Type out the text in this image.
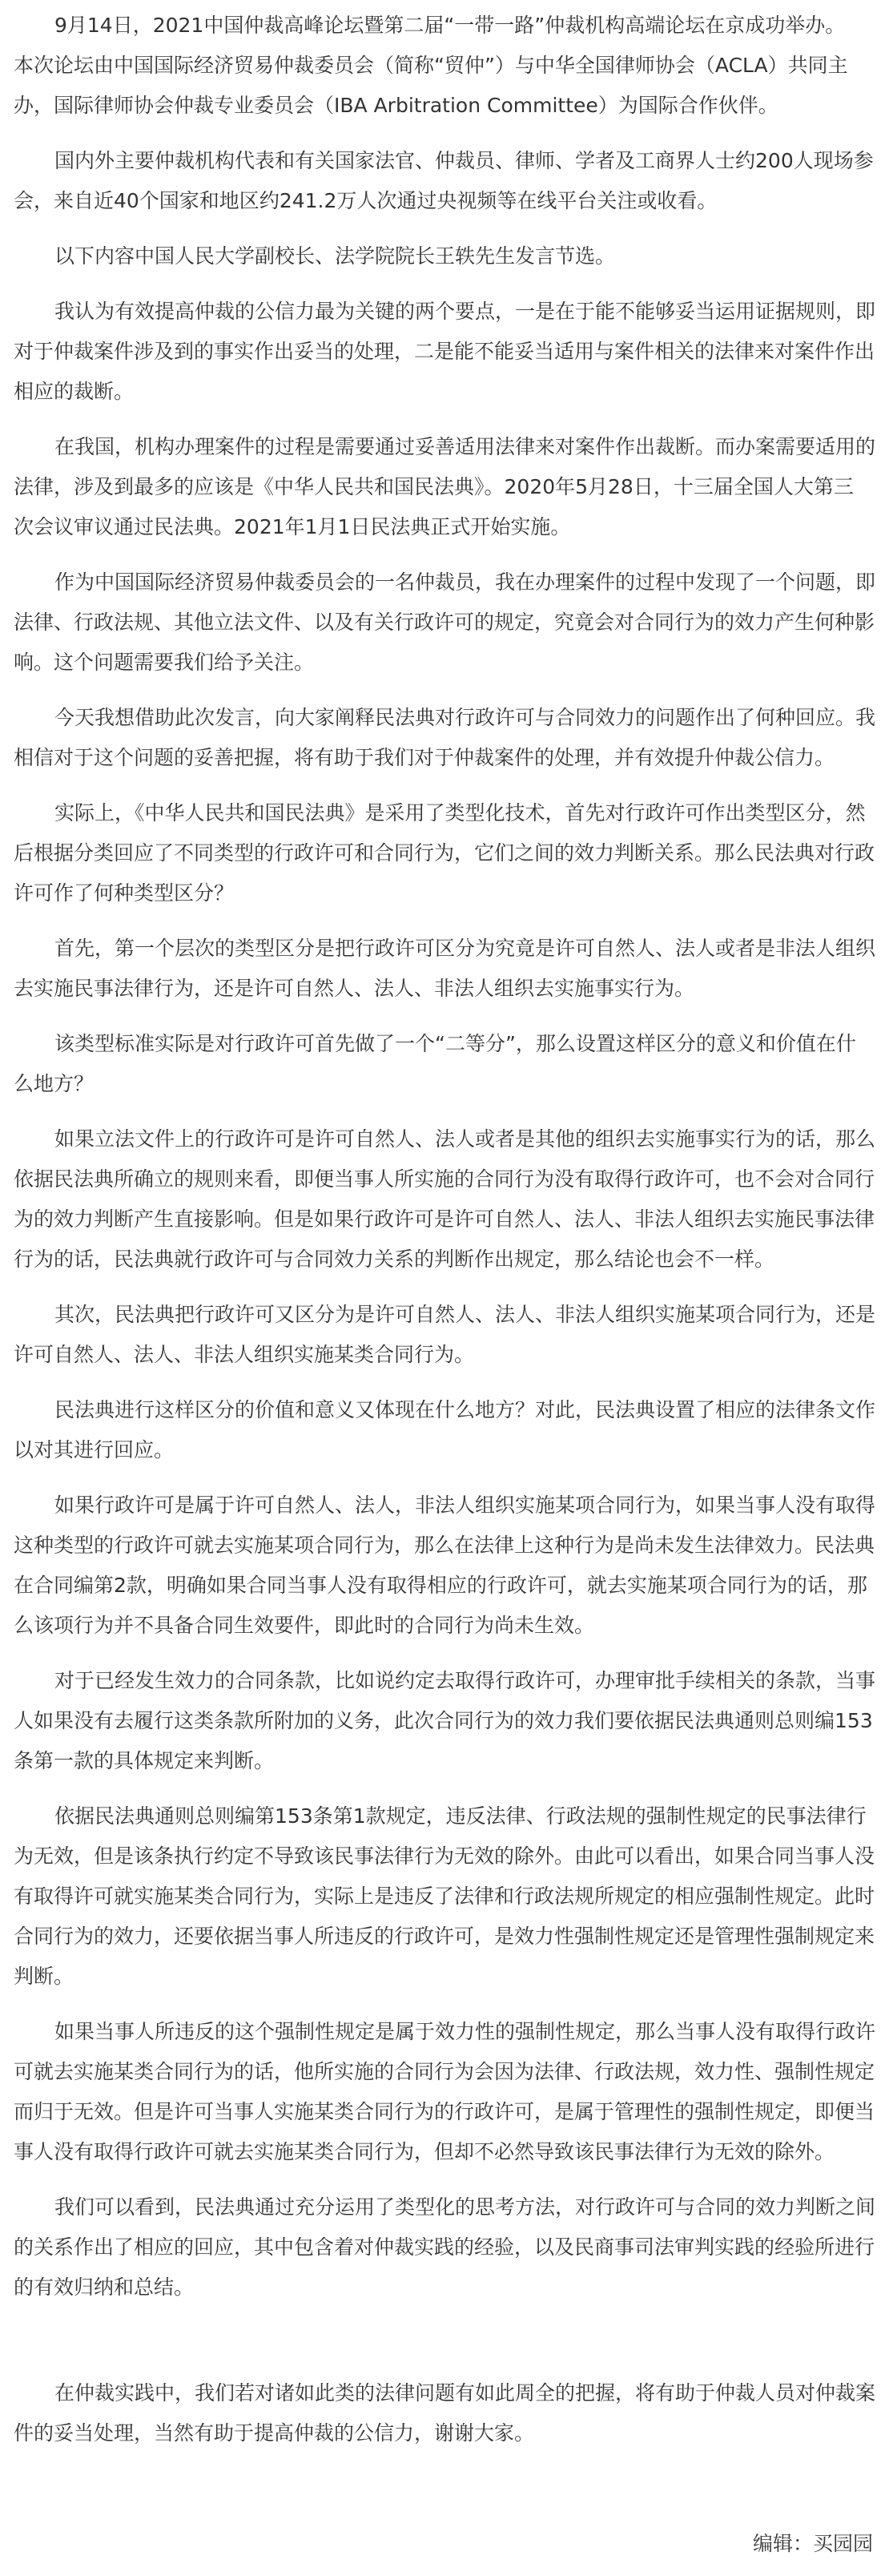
9月14日，2021中国仲裁高峰论坛暨第二届“一带一路”仲裁机构高端论坛在京成功举办。
本次论坛由中国国际经济贸易仲裁委员会（简称“贸仲”）与中华全国律师协会（ACLA）共同主
办，国际律师协会仲裁专业委员会（IBA Arbitration Committee）为国际合作伙伴。

国内外主要仲裁机构代表和有关国家法官、仲裁员、律师、学者及工商界人士约200人现场参
会，来自近40个国家和地区约241.2万人次通过央视频等在线平台关注或收看。

以下内容中国人民大学副校长、法学院院长王轶先生发言节选。

我认为有效提高仲裁的公信力最为关键的两个要点，一是在于能不能够妥当运用证据规则，即
对于仲裁案件涉及到的事实作出妥当的处理，二是能不能妥当适用与案件相关的法律来对案件作出
相应的裁断。

在我国，机构办理案件的过程是需要通过妥善适用法律来对案件作出裁断。而办案需要适用的
法律，涉及到最多的应该是《中华人民共和国民法典》。2020年5月28日，十三届全国人大第三
次会议审议通过民法典。2021年1月1日民法典正式开始实施。

作为中国国际经济贸易仲裁委员会的一名仲裁员，我在办理案件的过程中发现了一个问题，即
法律、行政法规、其他立法文件、以及有关行政许可的规定，究竟会对合同行为的效力产生何种影
响。这个问题需要我们给予关注。

今天我想借助此次发言，向大家阐释民法典对行政许可与合同效力的问题作出了何种回应。我
相信对于这个问题的妥善把握，将有助于我们对于仲裁案件的处理，并有效提升仲裁公信力。

实际上，《中华人民共和国民法典》是采用了类型化技术，首先对行政许可作出类型区分，然
后根据分类回应了不同类型的行政许可和合同行为，它们之间的效力判断关系。那么民法典对行政
许可作了何种类型区分？

首先，第一个层次的类型区分是把行政许可区分为究竟是许可自然人、法人或者是非法人组织
去实施民事法律行为，还是许可自然人、法人、非法人组织去实施事实行为。

该类型标准实际是对行政许可首先做了一个“二等分”，那么设置这样区分的意义和价值在什
么地方？

如果立法文件上的行政许可是许可自然人、法人或者是其他的组织去实施事实行为的话，那么
依据民法典所确立的规则来看，即便当事人所实施的合同行为没有取得行政许可，也不会对合同行
为的效力判断产生直接影响。但是如果行政许可是许可自然人、法人、非法人组织去实施民事法律
行为的话，民法典就行政许可与合同效力关系的判断作出规定，那么结论也会不一样。

其次，民法典把行政许可又区分为是许可自然人、法人、非法人组织实施某项合同行为，还是
许可自然人、法人、非法人组织实施某类合同行为。

民法典进行这样区分的价值和意义又体现在什么地方？对此，民法典设置了相应的法律条文作
以对其进行回应。

如果行政许可是属于许可自然人、法人，非法人组织实施某项合同行为，如果当事人没有取得
这种类型的行政许可就去实施某项合同行为，那么在法律上这种行为是尚未发生法律效力。民法典
在合同编第2款，明确如果合同当事人没有取得相应的行政许可，就去实施某项合同行为的话，那
么该项行为并不具备合同生效要件，即此时的合同行为尚未生效。

对于已经发生效力的合同条款，比如说约定去取得行政许可，办理审批手续相关的条款，当事
人如果没有去履行这类条款所附加的义务，此次合同行为的效力我们要依据民法典通则总则编153
条第一款的具体规定来判断。

依据民法典通则总则编第153条第1款规定，违反法律、行政法规的强制性规定的民事法律行
为无效，但是该条执行约定不导致该民事法律行为无效的除外。由此可以看出，如果合同当事人没
有取得许可就实施某类合同行为，实际上是违反了法律和行政法规所规定的相应强制性规定。此时
合同行为的效力，还要依据当事人所违反的行政许可，是效力性强制性规定还是管理性强制规定来
判断。

如果当事人所违反的这个强制性规定是属于效力性的强制性规定，那么当事人没有取得行政许
可就去实施某类合同行为的话，他所实施的合同行为会因为法律、行政法规，效力性、强制性规定
而归于无效。但是许可当事人实施某类合同行为的行政许可，是属于管理性的强制性规定，即便当
事人没有取得行政许可就去实施某类合同行为，但却不必然导致该民事法律行为无效的除外。

我们可以看到，民法典通过充分运用了类型化的思考方法，对行政许可与合同的效力判断之间
的关系作出了相应的回应，其中包含着对仲裁实践的经验，以及民商事司法审判实践的经验所进行
的有效归纳和总结。

在仲裁实践中，我们若对诸如此类的法律问题有如此周全的把握，将有助于仲裁人员对仲裁案
件的妥当处理，当然有助于提高仲裁的公信力，谢谢大家。

编辑：买园园
